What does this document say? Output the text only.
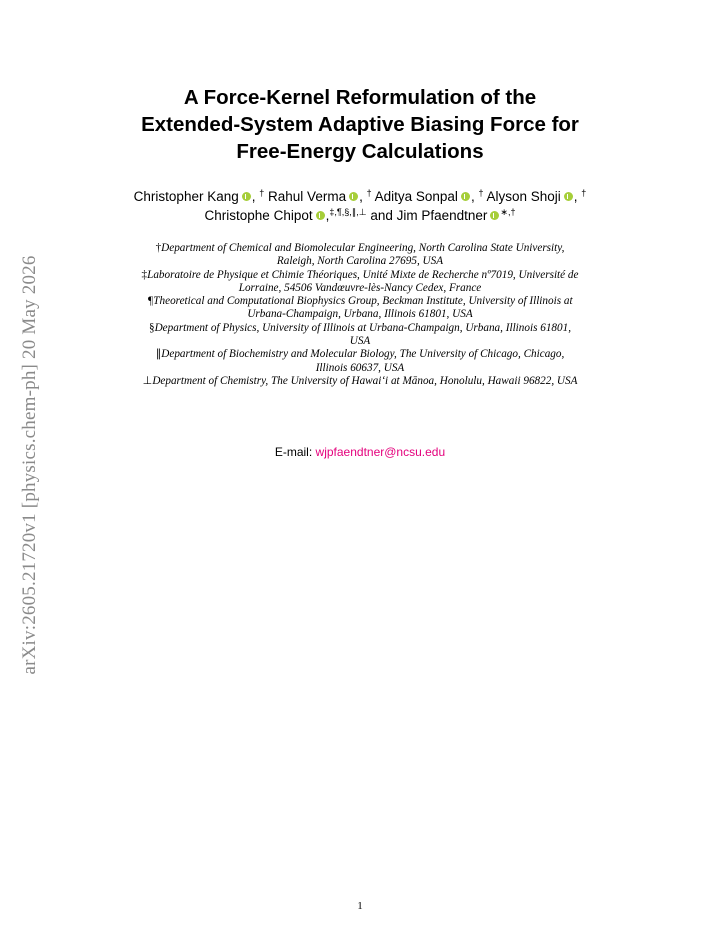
arXiv:2605.21720v1 [physics.chem-ph] 20 May 2026
A Force-Kernel Reformulation of the
Extended-System Adaptive Biasing Force for
Free-Energy Calculations
Christopher Kang , † Rahul Verma , † Aditya Sonpal , † Alyson Shoji , †
Christophe Chipot ,‡,¶,§,∥,⊥ and Jim Pfaendtner ∗,†
†Department of Chemical and Biomolecular Engineering, North Carolina State University,
Raleigh, North Carolina 27695, USA
‡Laboratoire de Physique et Chimie Théoriques, Unité Mixte de Recherche nº7019, Université de
Lorraine, 54506 Vandœuvre-lès-Nancy Cedex, France
¶Theoretical and Computational Biophysics Group, Beckman Institute, University of Illinois at
Urbana-Champaign, Urbana, Illinois 61801, USA
§Department of Physics, University of Illinois at Urbana-Champaign, Urbana, Illinois 61801,
USA
∥Department of Biochemistry and Molecular Biology, The University of Chicago, Chicago,
Illinois 60637, USA
⊥Department of Chemistry, The University of Hawai‘i at Mānoa, Honolulu, Hawaii 96822, USA
E-mail: wjpfaendtner@ncsu.edu
1
